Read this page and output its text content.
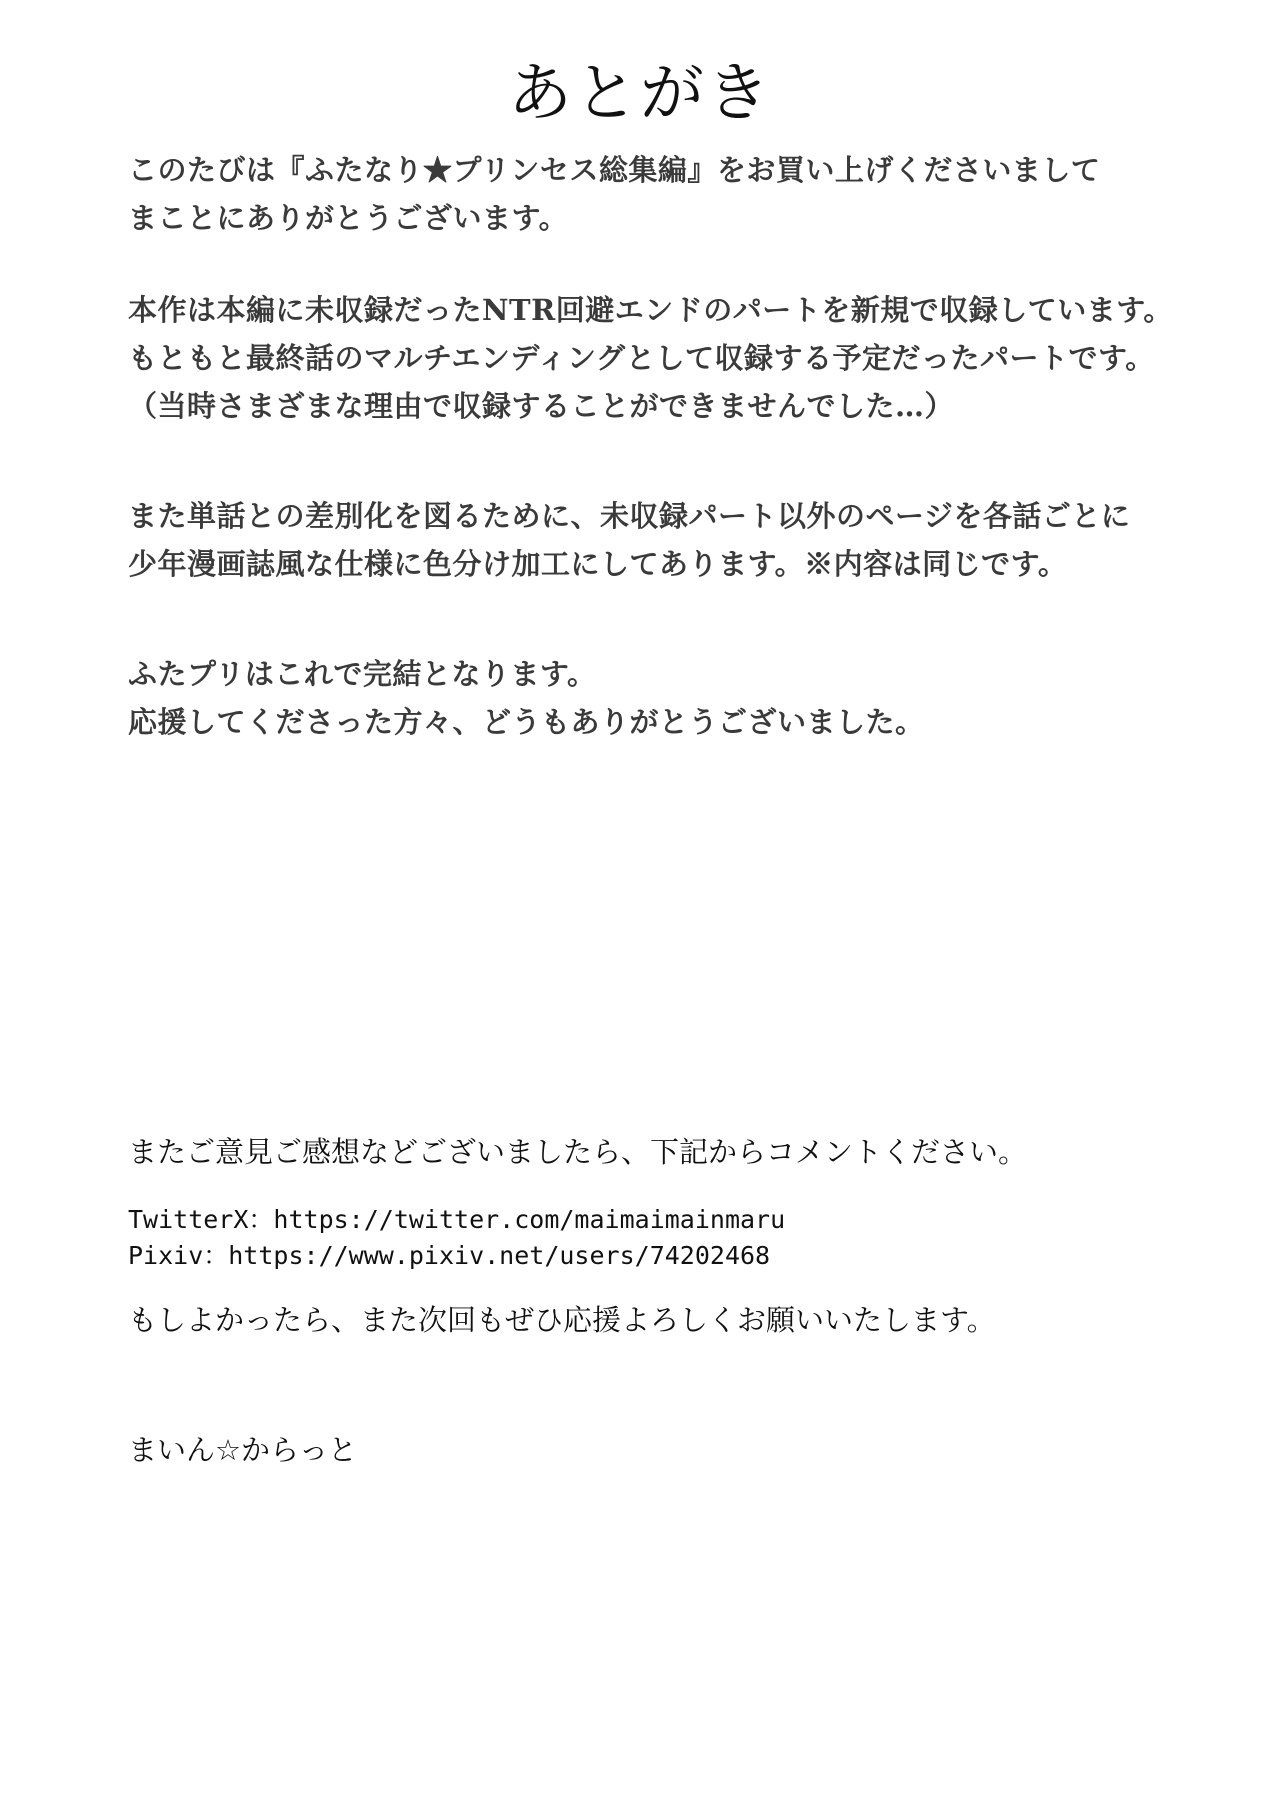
あとがき

このたびは『ふたなり★プリンセス総集編』をお買い上げくださいまして

まことにありがとうございます。

本作は本編に未収録だったNTR回避エンドのパートを新規で収録しています。

もともと最終話のマルチエンディングとして収録する予定だったパートです。

（当時さまざまな理由で収録することができませんでした…）

また単話との差別化を図るために、未収録パート以外のページを各話ごとに

少年漫画誌風な仕様に色分け加工にしてあります。※内容は同じです。

ふたプリはこれで完結となります。

応援してくださった方々、どうもありがとうございました。

またご意見ご感想などございましたら、下記からコメントください。

TwitterX：https://twitter.com/maimaimainmaru

Pixiv：https://www.pixiv.net/users/74202468

もしよかったら、また次回もぜひ応援よろしくお願いいたします。

まいん☆からっと
